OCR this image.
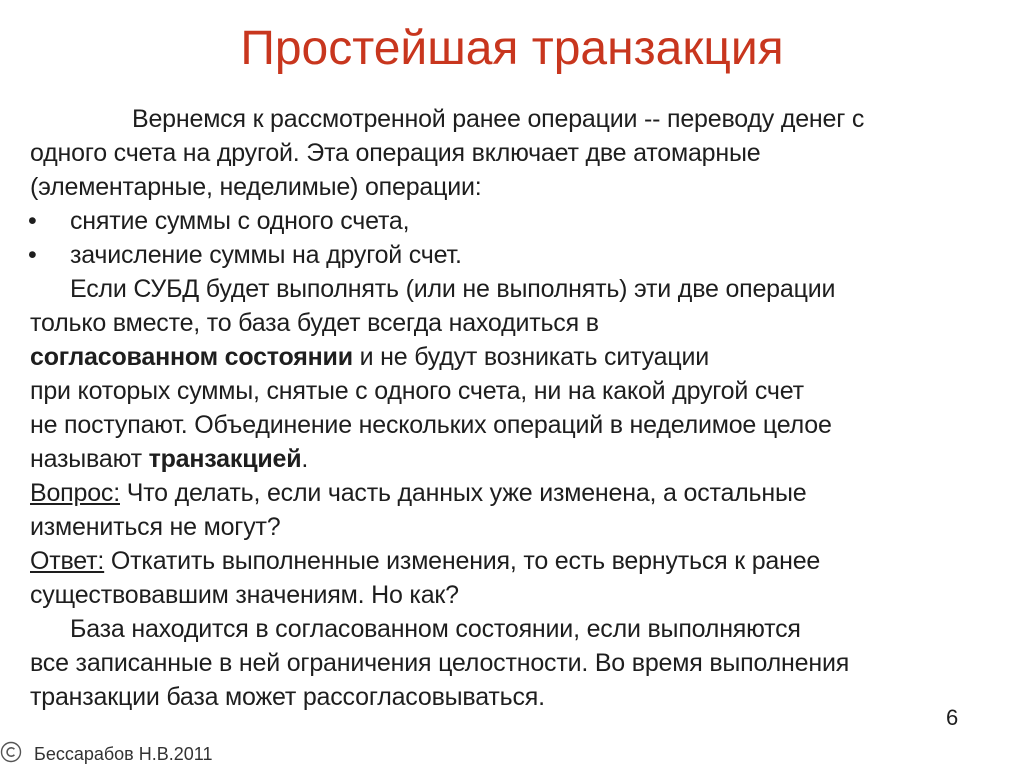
Простейшая транзакция
Вернемся к рассмотренной ранее операции -- переводу денег с
одного счета на другой. Эта операция включает две атомарные
(элементарные, неделимые) операции:
• снятие суммы с одного счета,
• зачисление суммы на другой счет.
Если СУБД будет выполнять (или не выполнять) эти две операции
только вместе, то база будет всегда находиться в
согласованном состоянии и не будут возникать ситуации
при которых суммы, снятые с одного счета, ни на какой другой счет
не поступают. Объединение нескольких операций в неделимое целое
называют транзакцией.
Вопрос: Что делать, если часть данных уже изменена, а остальные
измениться не могут?
Ответ: Откатить выполненные изменения, то есть вернуться к ранее
существовавшим значениям. Но как?
База находится в согласованном состоянии, если выполняются
все записанные в ней ограничения целостности. Во время выполнения
транзакции база может рассогласовываться.
6
Бессарабов Н.В.2011
